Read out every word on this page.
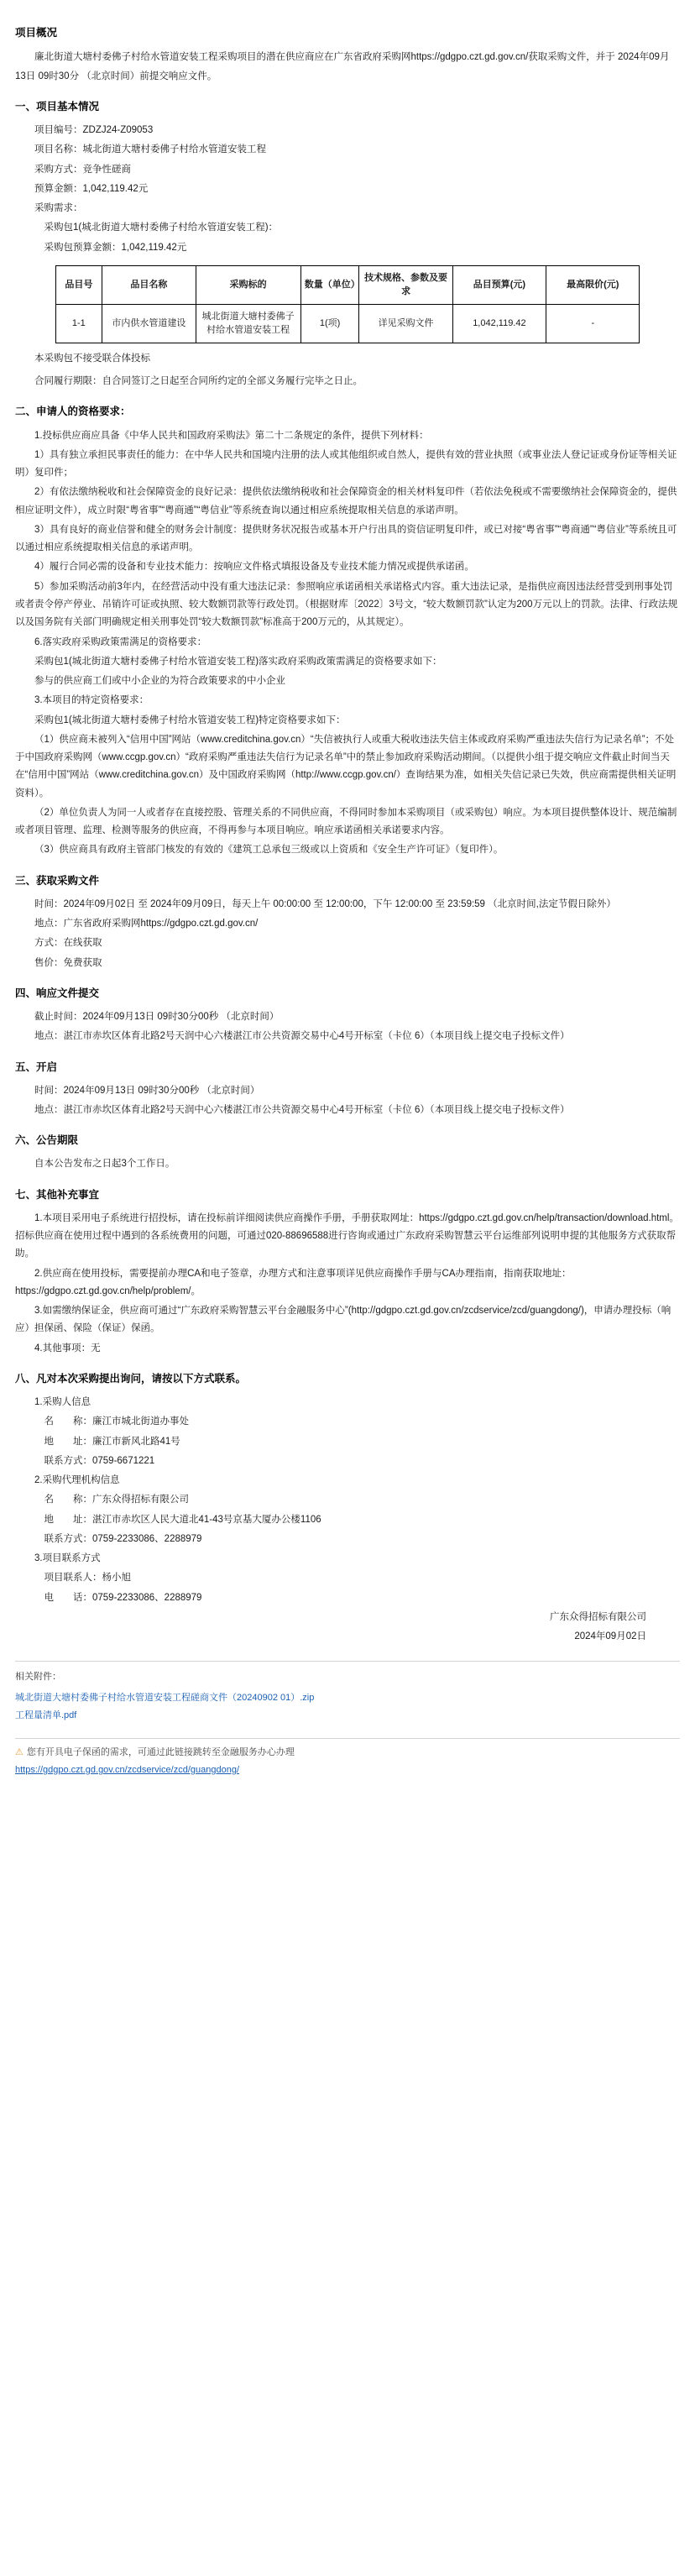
项目概况

廉北街道大塘村委佛子村给水管道安装工程采购项目的潜在供应商应在广东省政府采购网https://gdgpo.czt.gd.gov.cn/获取采购文件，并于 2024年09月13日 09时30分 （北京时间）前提交响应文件。

一、项目基本情况

项目编号：ZDZJ24-Z09053

项目名称：城北街道大塘村委佛子村给水管道安装工程

采购方式：竞争性磋商

预算金额：1,042,119.42元

采购需求：

采购包1(城北街道大塘村委佛子村给水管道安装工程)：

采购包预算金额：1,042,119.42元

品目号	品目名称	采购标的	数量（单位）	技术规格、参数及要求	品目预算(元)	最高限价(元)
1-1	市内供水管道建设	城北街道大塘村委佛子村给水管道安装工程	1(项)	详见采购文件	1,042,119.42	-

本采购包不接受联合体投标

合同履行期限：自合同签订之日起至合同所约定的全部义务履行完毕之日止。

二、申请人的资格要求：

1.投标供应商应具备《中华人民共和国政府采购法》第二十二条规定的条件，提供下列材料：

1）具有独立承担民事责任的能力：在中华人民共和国境内注册的法人或其他组织或自然人，提供有效的营业执照（或事业法人登记证或身份证等相关证明）复印件；

2）有依法缴纳税收和社会保障资金的良好记录：提供依法缴纳税收和社会保障资金的相关材料复印件（若依法免税或不需要缴纳社会保障资金的，提供相应证明文件），成立时限“粤省事”“粤商通”“粤信业”等系统查询以通过相应系统提取相关信息的承诺声明。

3）具有良好的商业信誉和健全的财务会计制度：提供财务状况报告或基本开户行出具的资信证明复印件，或已对接“粤省事”“粤商通”“粤信业”等系统且可以通过相应系统提取相关信息的承诺声明。

4）履行合同必需的设备和专业技术能力：按响应文件格式填报设备及专业技术能力情况或提供承诺函。

5）参加采购活动前3年内，在经营活动中没有重大违法记录：参照响应承诺函相关承诺格式内容。重大违法记录，是指供应商因违法经营受到刑事处罚或者责令停产停业、吊销许可证或执照、较大数额罚款等行政处罚。（根据财库〔2022〕3号文，“较大数额罚款”认定为200万元以上的罚款。法律、行政法规以及国务院有关部门明确规定相关刑事处罚“较大数额罚款”标准高于200万元的，从其规定）。

6.落实政府采购政策需满足的资格要求：

采购包1(城北街道大塘村委佛子村给水管道安装工程)落实政府采购政策需满足的资格要求如下：

参与的供应商工们或中小企业的为符合政策要求的中小企业

3.本项目的特定资格要求：

采购包1(城北街道大塘村委佛子村给水管道安装工程)特定资格要求如下：

（1）供应商未被列入“信用中国”网站（www.creditchina.gov.cn）“失信被执行人或重大税收违法失信主体或政府采购严重违法失信行为记录名单”；不处于中国政府采购网（www.ccgp.gov.cn）“政府采购严重违法失信行为记录名单”中的禁止参加政府采购活动期间。（以提供小组于提交响应文件截止时间当天在“信用中国”网站（www.creditchina.gov.cn）及中国政府采购网（http://www.ccgp.gov.cn/）查询结果为准，如相关失信记录已失效，供应商需提供相关证明资料）。

（2）单位负责人为同一人或者存在直接控股、管理关系的不同供应商，不得同时参加本采购项目（或采购包）响应。为本项目提供整体设计、规范编制或者项目管理、监理、检测等服务的供应商，不得再参与本项目响应。响应承诺函相关承诺要求内容。

（3）供应商具有政府主管部门核发的有效的《建筑工总承包三级或以上资质和《安全生产许可证》（复印件）。

三、获取采购文件

时间：2024年09月02日 至 2024年09月09日，每天上午 00:00:00 至 12:00:00，下午 12:00:00 至 23:59:59 （北京时间,法定节假日除外）

地点：广东省政府采购网https://gdgpo.czt.gd.gov.cn/

方式：在线获取

售价：免费获取

四、响应文件提交

截止时间：2024年09月13日 09时30分00秒 （北京时间）

地点：湛江市赤坎区体育北路2号天润中心六楼湛江市公共资源交易中心4号开标室（卡位 6）（本项目线上提交电子投标文件）

五、开启

时间：2024年09月13日 09时30分00秒 （北京时间）

地点：湛江市赤坎区体育北路2号天润中心六楼湛江市公共资源交易中心4号开标室（卡位 6）（本项目线上提交电子投标文件）

六、公告期限

自本公告发布之日起3个工作日。

七、其他补充事宜

1.本项目采用电子系统进行招投标，请在投标前详细阅读供应商操作手册，手册获取网址：https://gdgpo.czt.gd.gov.cn/help/transaction/download.html。招标供应商在使用过程中遇到的各系统费用的问题，可通过020-88696588进行咨询或通过广东政府采购智慧云平台运维部列说明申提的其他服务方式获取帮助。

2.供应商在使用投标，需要提前办理CA和电子签章，办理方式和注意事项详见供应商操作手册与CA办理指南，指南获取地址：https://gdgpo.czt.gd.gov.cn/help/problem/。

3.如需缴纳保证金，供应商可通过“广东政府采购智慧云平台金融服务中心”(http://gdgpo.czt.gd.gov.cn/zcdservice/zcd/guangdong/)，申请办理投标（响应）担保函、保险（保证）保函。

4.其他事项：无

八、凡对本次采购提出询问，请按以下方式联系。

1.采购人信息

名　　称：廉江市城北街道办事处

地　　址：廉江市新风北路41号

联系方式：0759-6671221

2.采购代理机构信息

名　　称：广东众得招标有限公司

地　　址：湛江市赤坎区人民大道北41-43号京基大厦办公楼1106

联系方式：0759-2233086、2288979

3.项目联系方式

项目联系人：杨小旭

电　　话：0759-2233086、2288979

广东众得招标有限公司

2024年09月02日

相关附件：
城北街道大塘村委佛子村给水管道安装工程磋商文件（20240902 01）.zip
工程量清单.pdf
⚠ 您有开具电子保函的需求，可通过此链接跳转至金融服务办心办理
https://gdgpo.czt.gd.gov.cn/zcdservice/zcd/guangdong/
